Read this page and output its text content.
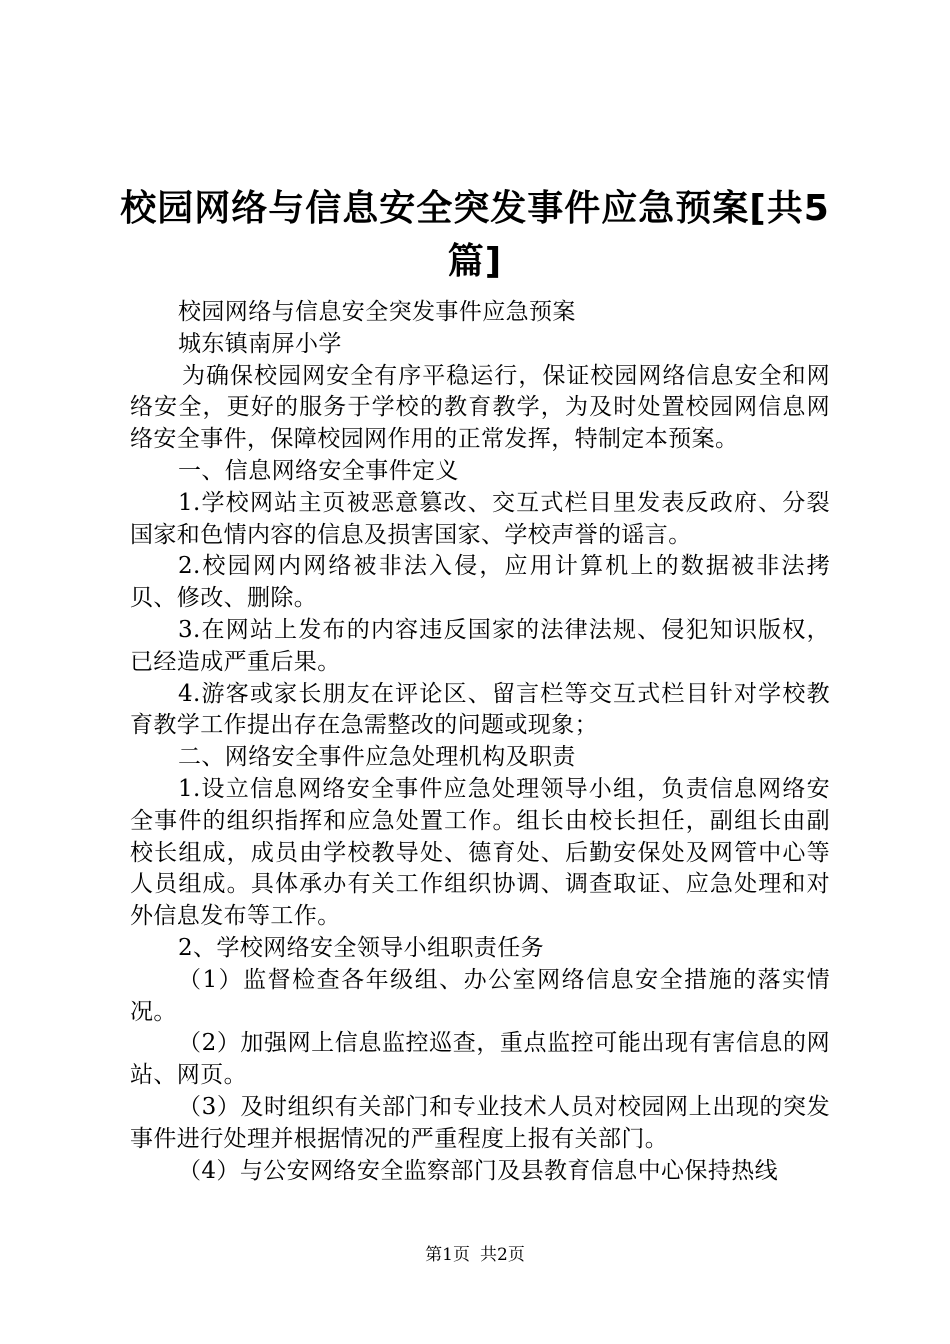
校园网络与信息安全突发事件应急预案[共5篇]

校园网络与信息安全突发事件应急预案

城东镇南屏小学

为确保校园网安全有序平稳运行，保证校园网络信息安全和网络安全，更好的服务于学校的教育教学，为及时处置校园网信息网络安全事件，保障校园网作用的正常发挥，特制定本预案。

一、信息网络安全事件定义

1.学校网站主页被恶意篡改、交互式栏目里发表反政府、分裂国家和色情内容的信息及损害国家、学校声誉的谣言。

2.校园网内网络被非法入侵，应用计算机上的数据被非法拷贝、修改、删除。

3.在网站上发布的内容违反国家的法律法规、侵犯知识版权，已经造成严重后果。

4.游客或家长朋友在评论区、留言栏等交互式栏目针对学校教育教学工作提出存在急需整改的问题或现象；

二、网络安全事件应急处理机构及职责

1.设立信息网络安全事件应急处理领导小组，负责信息网络安全事件的组织指挥和应急处置工作。组长由校长担任，副组长由副校长组成，成员由学校教导处、德育处、后勤安保处及网管中心等人员组成。具体承办有关工作组织协调、调查取证、应急处理和对外信息发布等工作。

2、学校网络安全领导小组职责任务

（1）监督检查各年级组、办公室网络信息安全措施的落实情况。

（2）加强网上信息监控巡查，重点监控可能出现有害信息的网站、网页。

（3）及时组织有关部门和专业技术人员对校园网上出现的突发事件进行处理并根据情况的严重程度上报有关部门。

（4）与公安网络安全监察部门及县教育信息中心保持热线

第1页 共2页
